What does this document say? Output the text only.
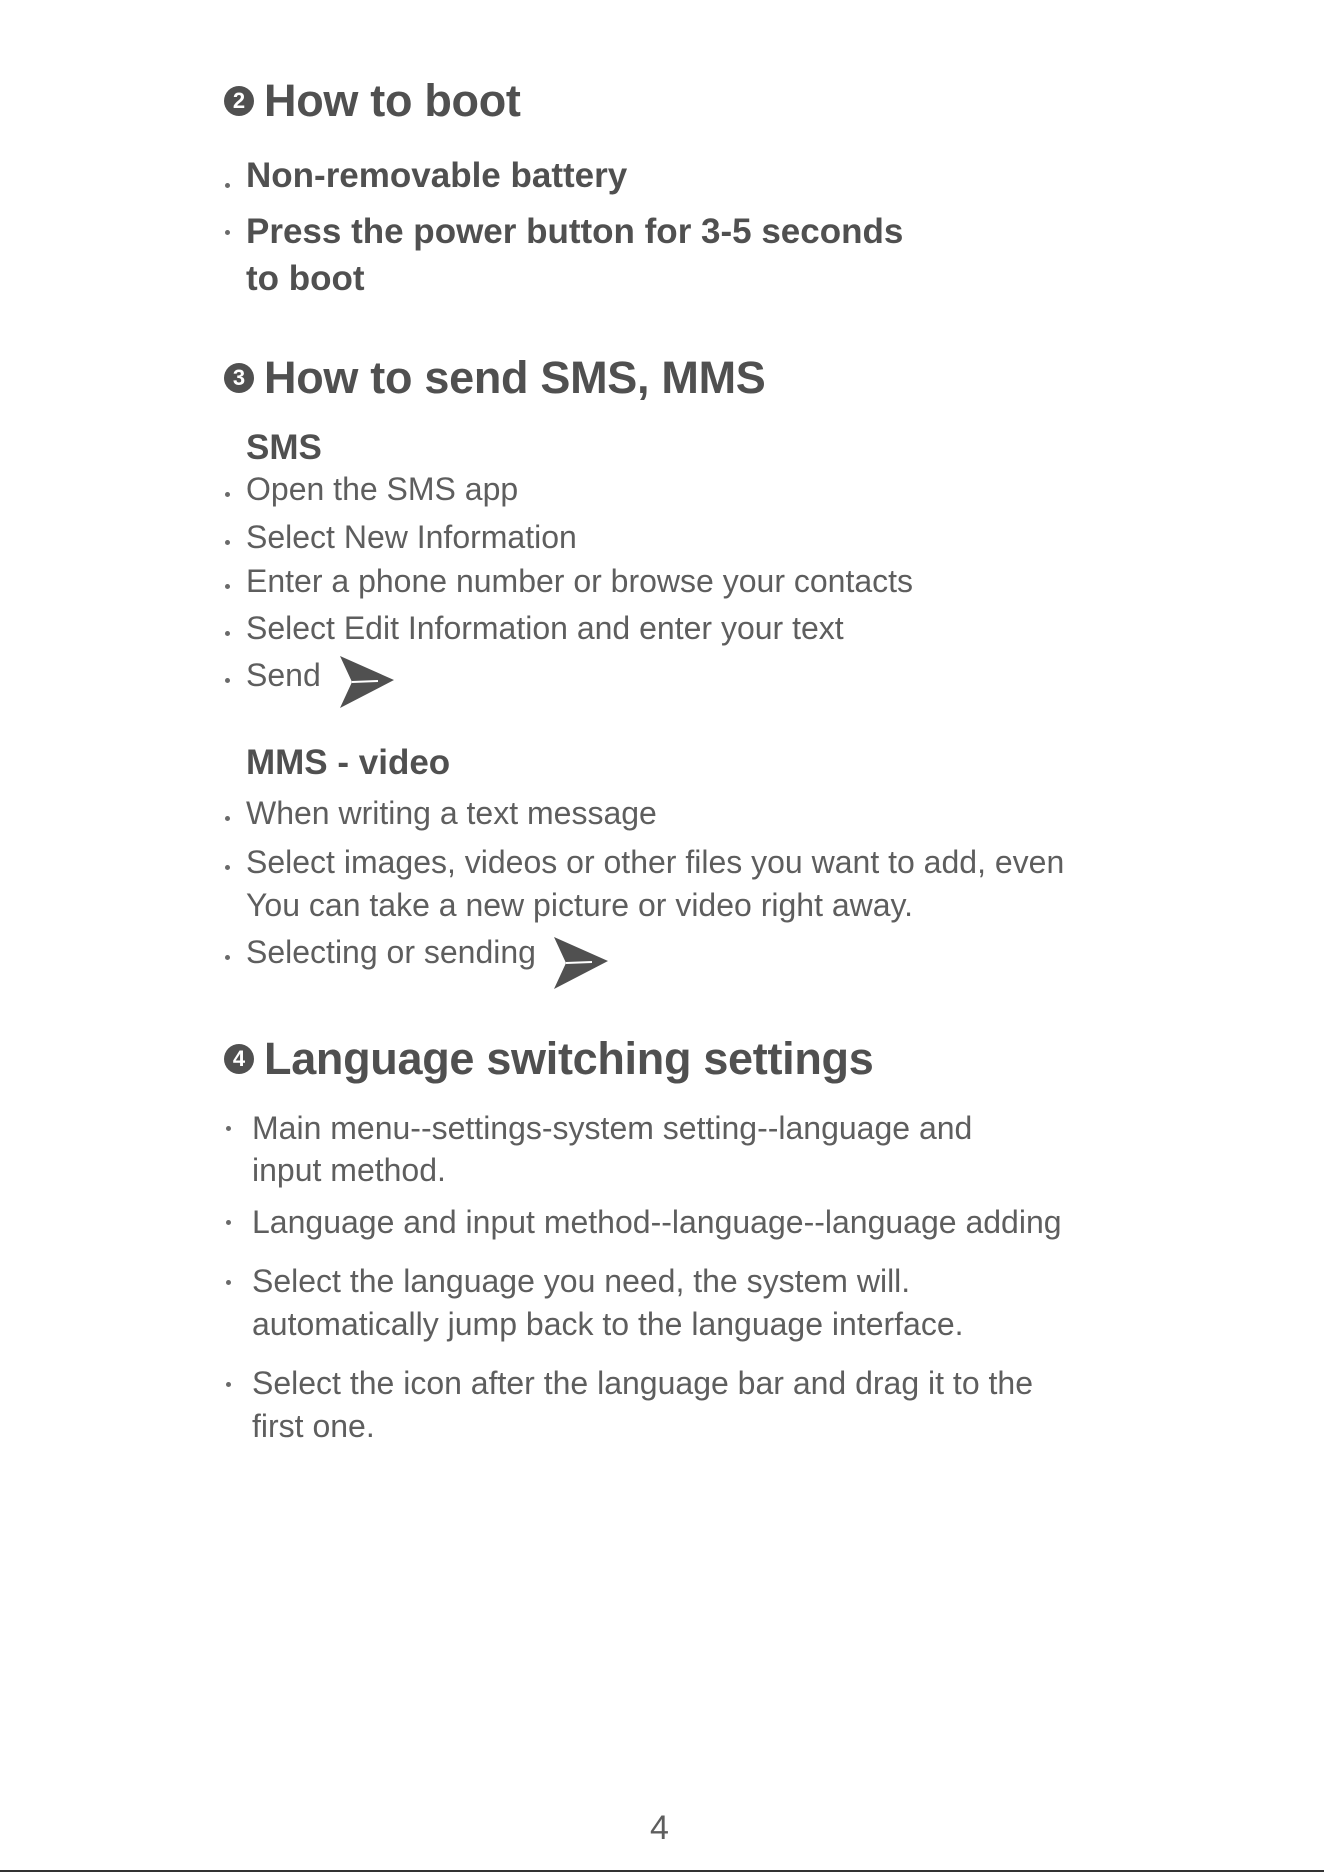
2 How to boot
Non-removable battery
Press the power button for 3-5 seconds
to boot
3 How to send SMS, MMS
SMS
Open the SMS app
Select New Information
Enter a phone number or browse your contacts
Select Edit Information and enter your text
Send
MMS - video
When writing a text message
Select images, videos or other files you want to add, even
You can take a new picture or video right away.
Selecting or sending
4 Language switching settings
Main menu--settings-system setting--language and
input method.
Language and input method--language--language adding
Select the language you need, the system will.
automatically jump back to the language interface.
Select the icon after the language bar and drag it to the
first one.
4
